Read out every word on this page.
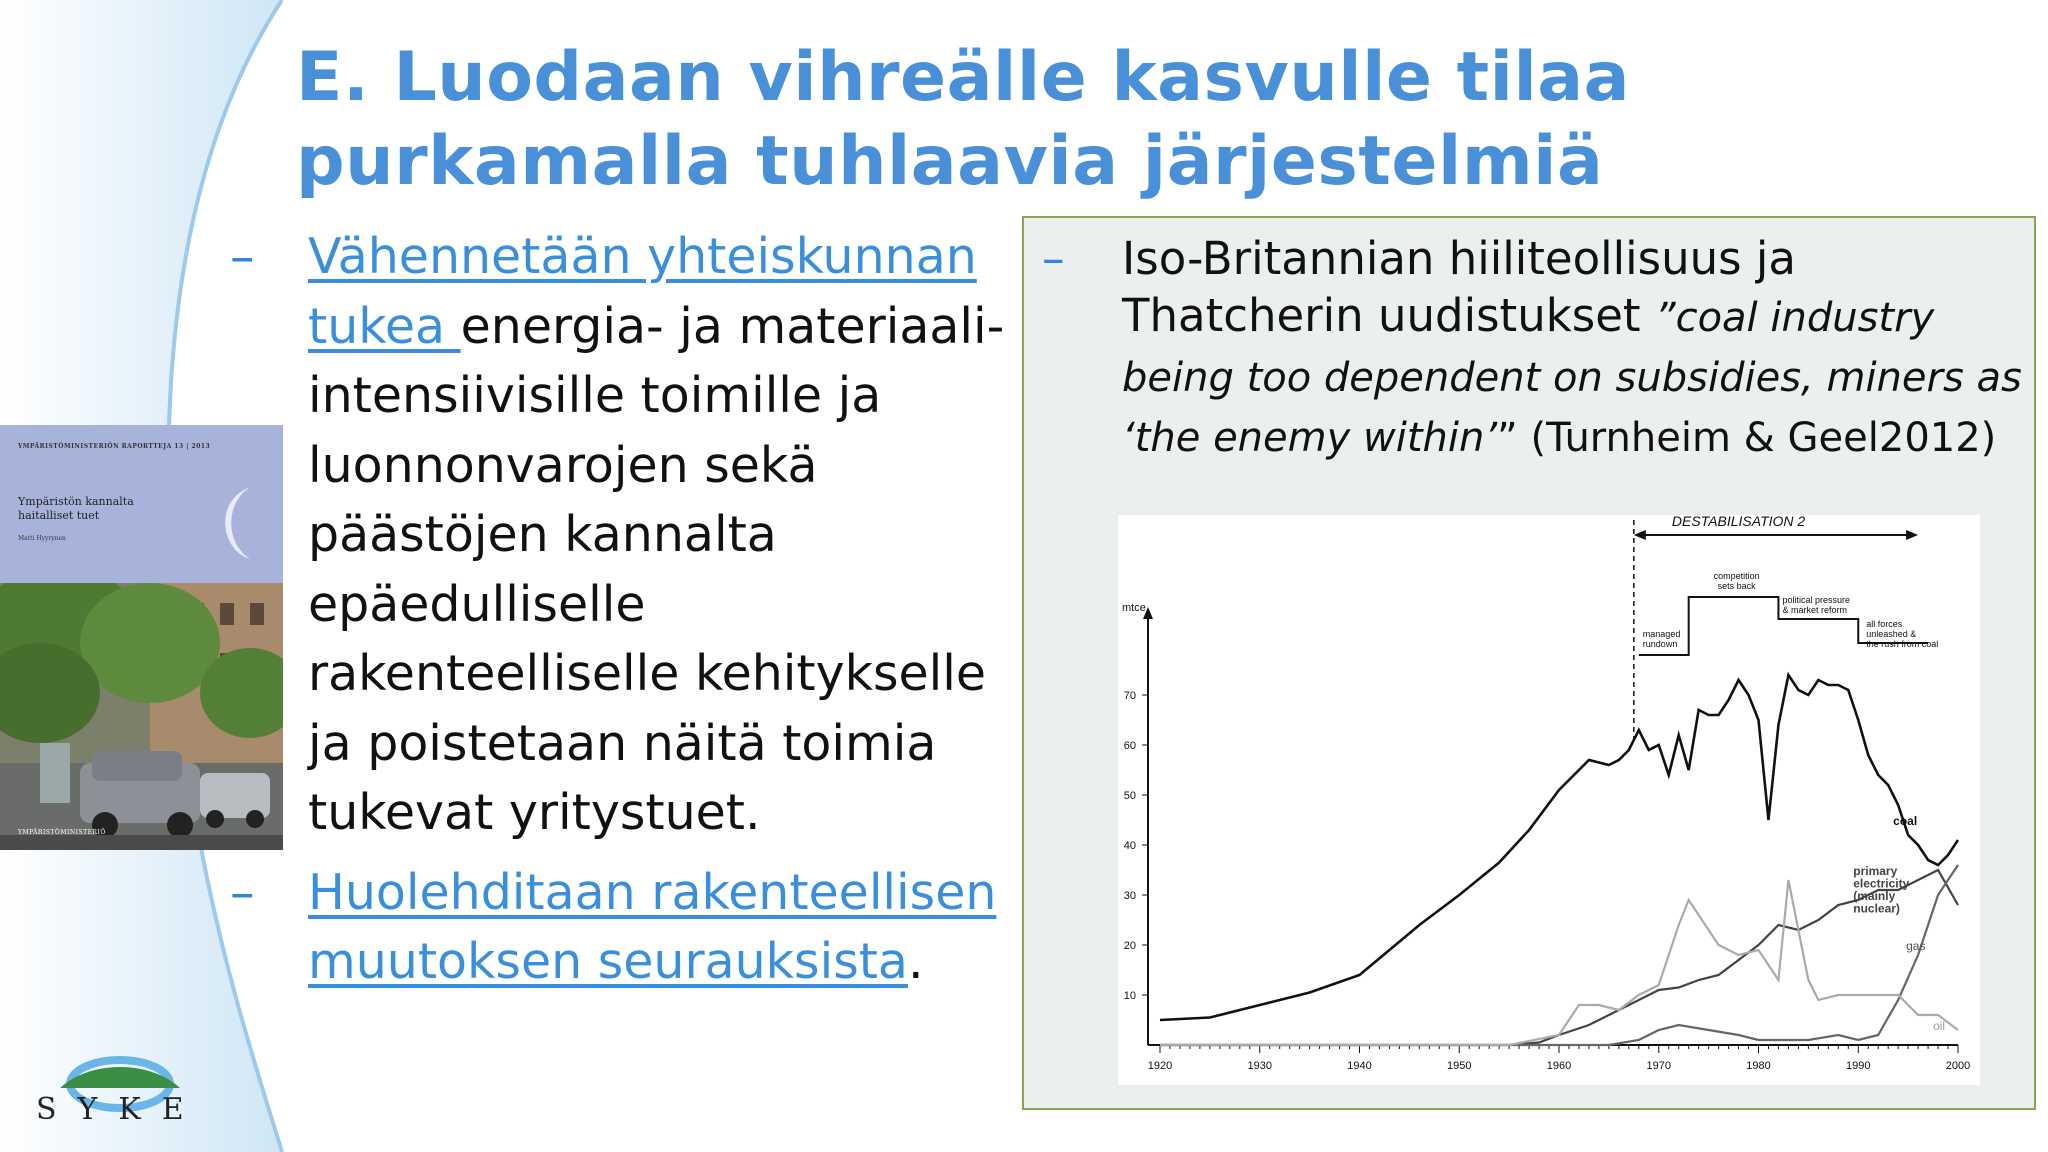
E. Luodaan vihreälle kasvulle tilaa
purkamalla tuhlaavia järjestelmiä
– Vähennetään yhteiskunnan tukea energia- ja materiaali-intensiivisille toimille ja luonnonvarojen sekä päästöjen kannalta epäedulliselle rakenteelliselle kehitykselle ja poistetaan näitä toimia tukevat yritystuet.
– Huolehditaan rakenteellisen muutoksen seurauksista.
YMPÄRISTÖMINISTERIÖN RAPORTTEJA 13 | 2013
Ympäristön kannalta haitalliset tuet
Matti Hyyrynen
YMPÄRISTÖMINISTERIÖ
SYKE
– Iso-Britannian hiiliteollisuus ja Thatcherin uudistukset ”coal industry being too dependent on subsidies, miners as ‘the enemy within’” (Turnheim & Geel2012)
mtce
1920	1930	1940	1950	1960	1970	1980	1990	2000
10
20
30
40
50
60
70
DESTABILISATION 2
managed
rundown
competition
sets back
political pressure
& market reform
all forces
unleashed &
the rush from coal
coal
primary
electricity
(mainly
nuclear)
gas
oil
